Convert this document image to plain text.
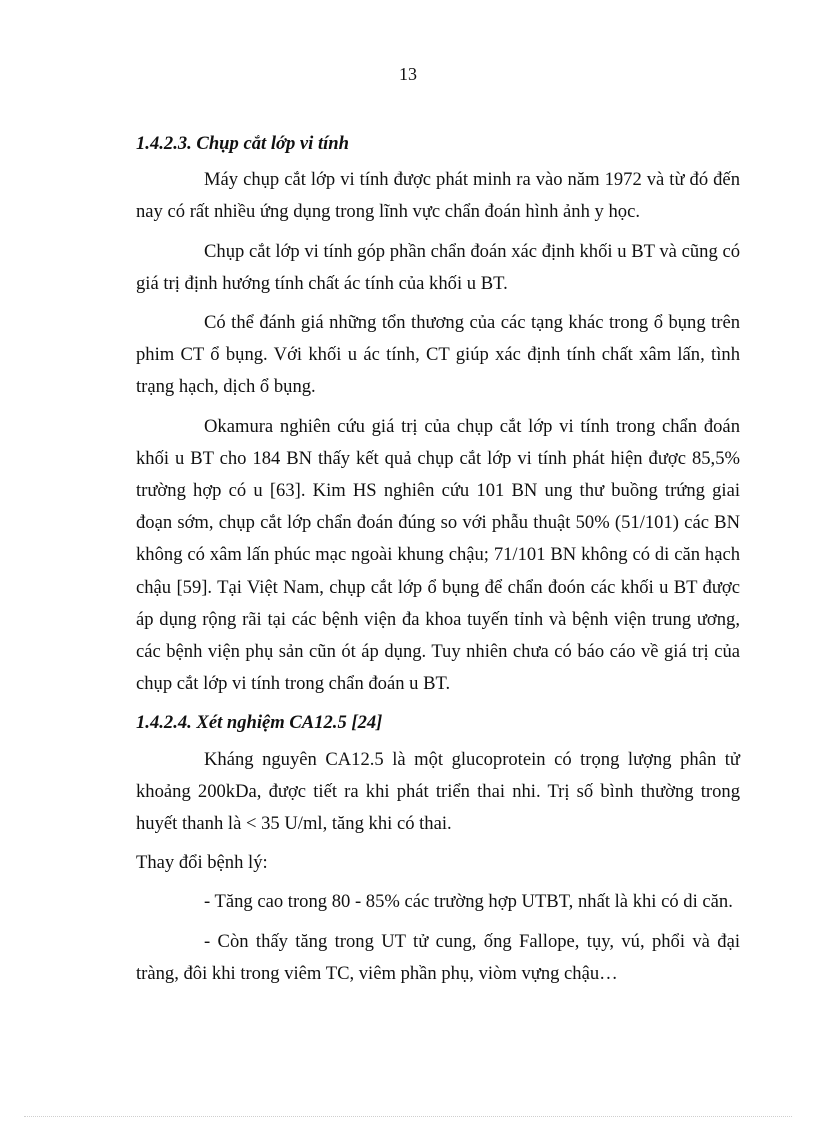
13
1.4.2.3. Chụp cắt lớp vi tính

Máy chụp cắt lớp vi tính được phát minh ra vào năm 1972 và từ đó đến nay có rất nhiều ứng dụng trong lĩnh vực chẩn đoán hình ảnh y học.

Chụp cắt lớp vi tính góp phần chẩn đoán xác định khối u BT và cũng có giá trị định hướng tính chất ác tính của khối u BT.

Có thể đánh giá những tổn thương của các tạng khác trong ổ bụng trên phim CT ổ bụng. Với khối u ác tính, CT giúp xác định tính chất xâm lấn, tình trạng hạch, dịch ổ bụng.

Okamura nghiên cứu giá trị của chụp cắt lớp vi tính trong chẩn đoán khối u BT cho 184 BN thấy kết quả chụp cắt lớp vi tính phát hiện được 85,5% trường hợp có u [63]. Kim HS nghiên cứu 101 BN ung thư buồng trứng giai đoạn sớm, chụp cắt lớp chẩn đoán đúng so với phẫu thuật 50% (51/101) các BN không có xâm lấn phúc mạc ngoài khung chậu; 71/101 BN không có di căn hạch chậu [59]. Tại Việt Nam, chụp cắt lớp ổ bụng để chẩn đoón các khối u BT được áp dụng rộng rãi tại các bệnh viện đa khoa tuyến tỉnh và bệnh viện trung ương, các bệnh viện phụ sản cũn ót áp dụng. Tuy nhiên chưa có báo cáo về giá trị của chụp cắt lớp vi tính trong chẩn đoán u BT.

1.4.2.4. Xét nghiệm CA12.5 [24]

Kháng nguyên CA12.5 là một glucoprotein có trọng lượng phân tử khoảng 200kDa, được tiết ra khi phát triển thai nhi. Trị số bình thường trong huyết thanh là < 35 U/ml, tăng khi có thai.

Thay đổi bệnh lý:

- Tăng cao trong 80 - 85% các trường hợp UTBT, nhất là khi có di căn.

- Còn thấy tăng trong UT tử cung, ống Fallope, tụy, vú, phổi và đại tràng, đôi khi trong viêm TC, viêm phần phụ, viòm vựng chậu…
